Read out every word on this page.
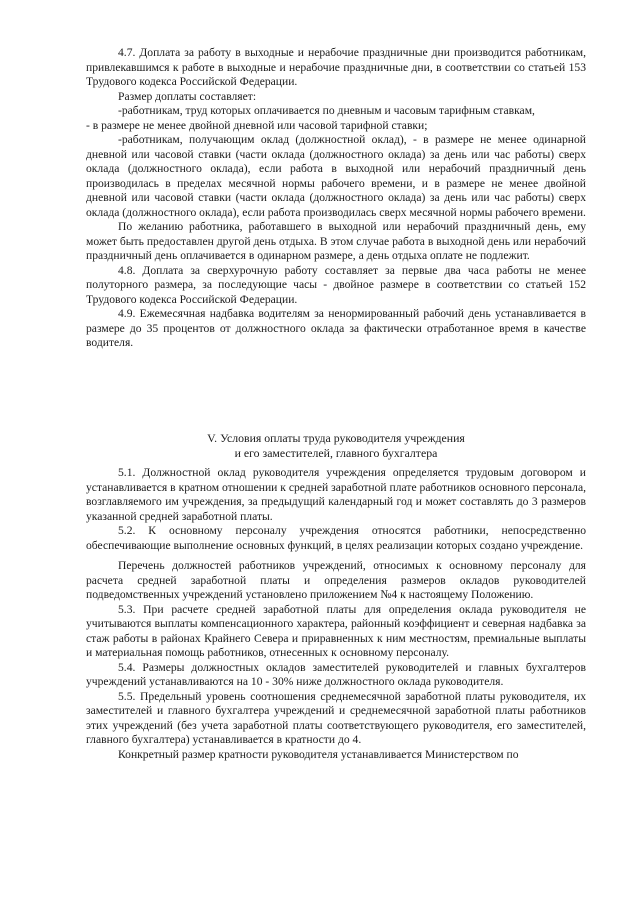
4.7. Доплата за работу в выходные и нерабочие праздничные дни производится работникам, привлекавшимся к работе в выходные и нерабочие праздничные дни, в соответствии со статьей 153 Трудового кодекса Российской Федерации.

Размер доплаты составляет:

-работникам, труд которых оплачивается по дневным и часовым тарифным ставкам,

- в размере не менее двойной дневной или часовой тарифной ставки;

-работникам, получающим оклад (должностной оклад), - в размере не менее одинарной дневной или часовой ставки (части оклада (должностного оклада) за день или час работы) сверх оклада (должностного оклада), если работа в выходной или нерабочий праздничный день производилась в пределах месячной нормы рабочего времени, и в размере не менее двойной дневной или часовой ставки (части оклада (должностного оклада) за день или час работы) сверх оклада (должностного оклада), если работа производилась сверх месячной нормы рабочего времени.

По желанию работника, работавшего в выходной или нерабочий праздничный день, ему может быть предоставлен другой день отдыха. В этом случае работа в выходной день или нерабочий праздничный день оплачивается в одинарном размере, а день отдыха оплате не подлежит.

4.8. Доплата за сверхурочную работу составляет за первые два часа работы не менее полуторного размера, за последующие часы - двойное размере в соответствии со статьей 152 Трудового кодекса Российской Федерации.

4.9. Ежемесячная надбавка водителям за ненормированный рабочий день устанавливается в размере до 35 процентов от должностного оклада за фактически отработанное время в качестве водителя.

V. Условия оплаты труда руководителя учреждения
и его заместителей, главного бухгалтера

5.1. Должностной оклад руководителя учреждения определяется трудовым договором и устанавливается в кратном отношении к средней заработной плате работников основного персонала, возглавляемого им учреждения, за предыдущий календарный год и может составлять до 3 размеров указанной средней заработной платы.

5.2. К основному персоналу учреждения относятся работники, непосредственно обеспечивающие выполнение основных функций, в целях реализации которых создано учреждение.

Перечень должностей работников учреждений, относимых к основному персоналу для расчета средней заработной платы и определения размеров окладов руководителей подведомственных учреждений установлено приложением №4 к настоящему Положению.

5.3. При расчете средней заработной платы для определения оклада руководителя не учитываются выплаты компенсационного характера, районный коэффициент и северная надбавка за стаж работы в районах Крайнего Севера и приравненных к ним местностям, премиальные выплаты и материальная помощь работников, отнесенных к основному персоналу.

5.4. Размеры должностных окладов заместителей руководителей и главных бухгалтеров учреждений устанавливаются на 10 - 30% ниже должностного оклада руководителя.

5.5. Предельный уровень соотношения среднемесячной заработной платы руководителя, их заместителей и главного бухгалтера учреждений и среднемесячной заработной платы работников этих учреждений (без учета заработной платы соответствующего руководителя, его заместителей, главного бухгалтера) устанавливается в кратности до 4.

Конкретный размер кратности руководителя устанавливается Министерством по
